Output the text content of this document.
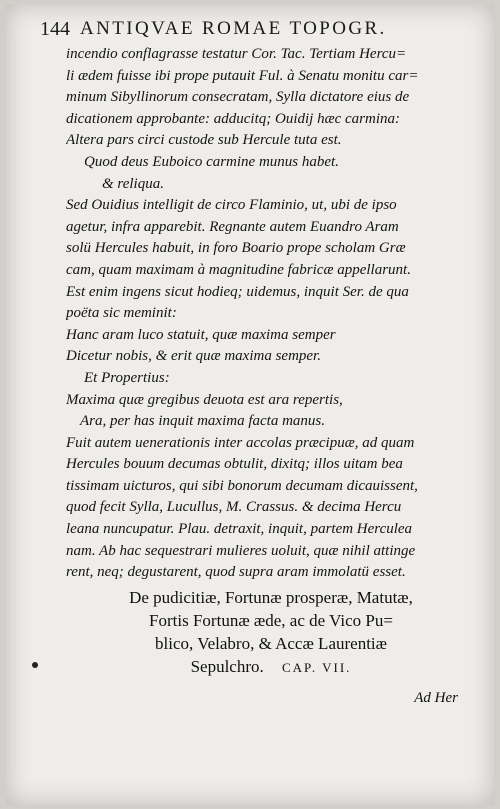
144 ANTIQVAE ROMAE TOPOGR.
incendio conflagrasse testatur Cor. Tac. Tertiam Hercu=
li ædem fuisse ibi prope putauit Ful. à Senatu monitu car=
minum Sibyllinorum consecratam, Sylla dictatore eius de
dicationem approbante: adducitq; Ouidij hæc carmina:
Altera pars circi custode sub Hercule tuta est.
Quod deus Euboico carmine munus habet.
& reliqua.
Sed Ouidius intelligit de circo Flaminio, ut, ubi de ipso
agetur, infra apparebit. Regnante autem Euandro Aram
solü Hercules habuit, in foro Boario prope scholam Græ
cam, quam maximam à magnitudine fabricæ appellarunt.
Est enim ingens sicut hodieq; uidemus, inquit Ser. de qua
poëta sic meminit:
Hanc aram luco statuit, quæ maxima semper
Dicetur nobis, & erit quæ maxima semper.
Et Propertius:
Maxima quæ gregibus deuota est ara repertis,
Ara, per has inquit maxima facta manus.
Fuit autem uenerationis inter accolas præcipuæ, ad quam
Hercules bouum decumas obtulit, dixitq; illos uitam bea
tissimam uicturos, qui sibi bonorum decumam dicauissent,
quod fecit Sylla, Lucullus, M. Crassus. & decima Hercu
leana nuncupatur. Plau. detraxit, inquit, partem Herculea
nam. Ab hac sequestrari mulieres uoluit, quæ nihil attinge
rent, neq; degustarent, quod supra aram immolatü esset.
De pudicitiæ, Fortunæ prosperæ, Matutæ,
Fortis Fortunæ æde, ac de Vico Pu=
blico, Velabro, & Accæ Laurentiæ
Sepulchro. CAP. VII.
Ad Her
